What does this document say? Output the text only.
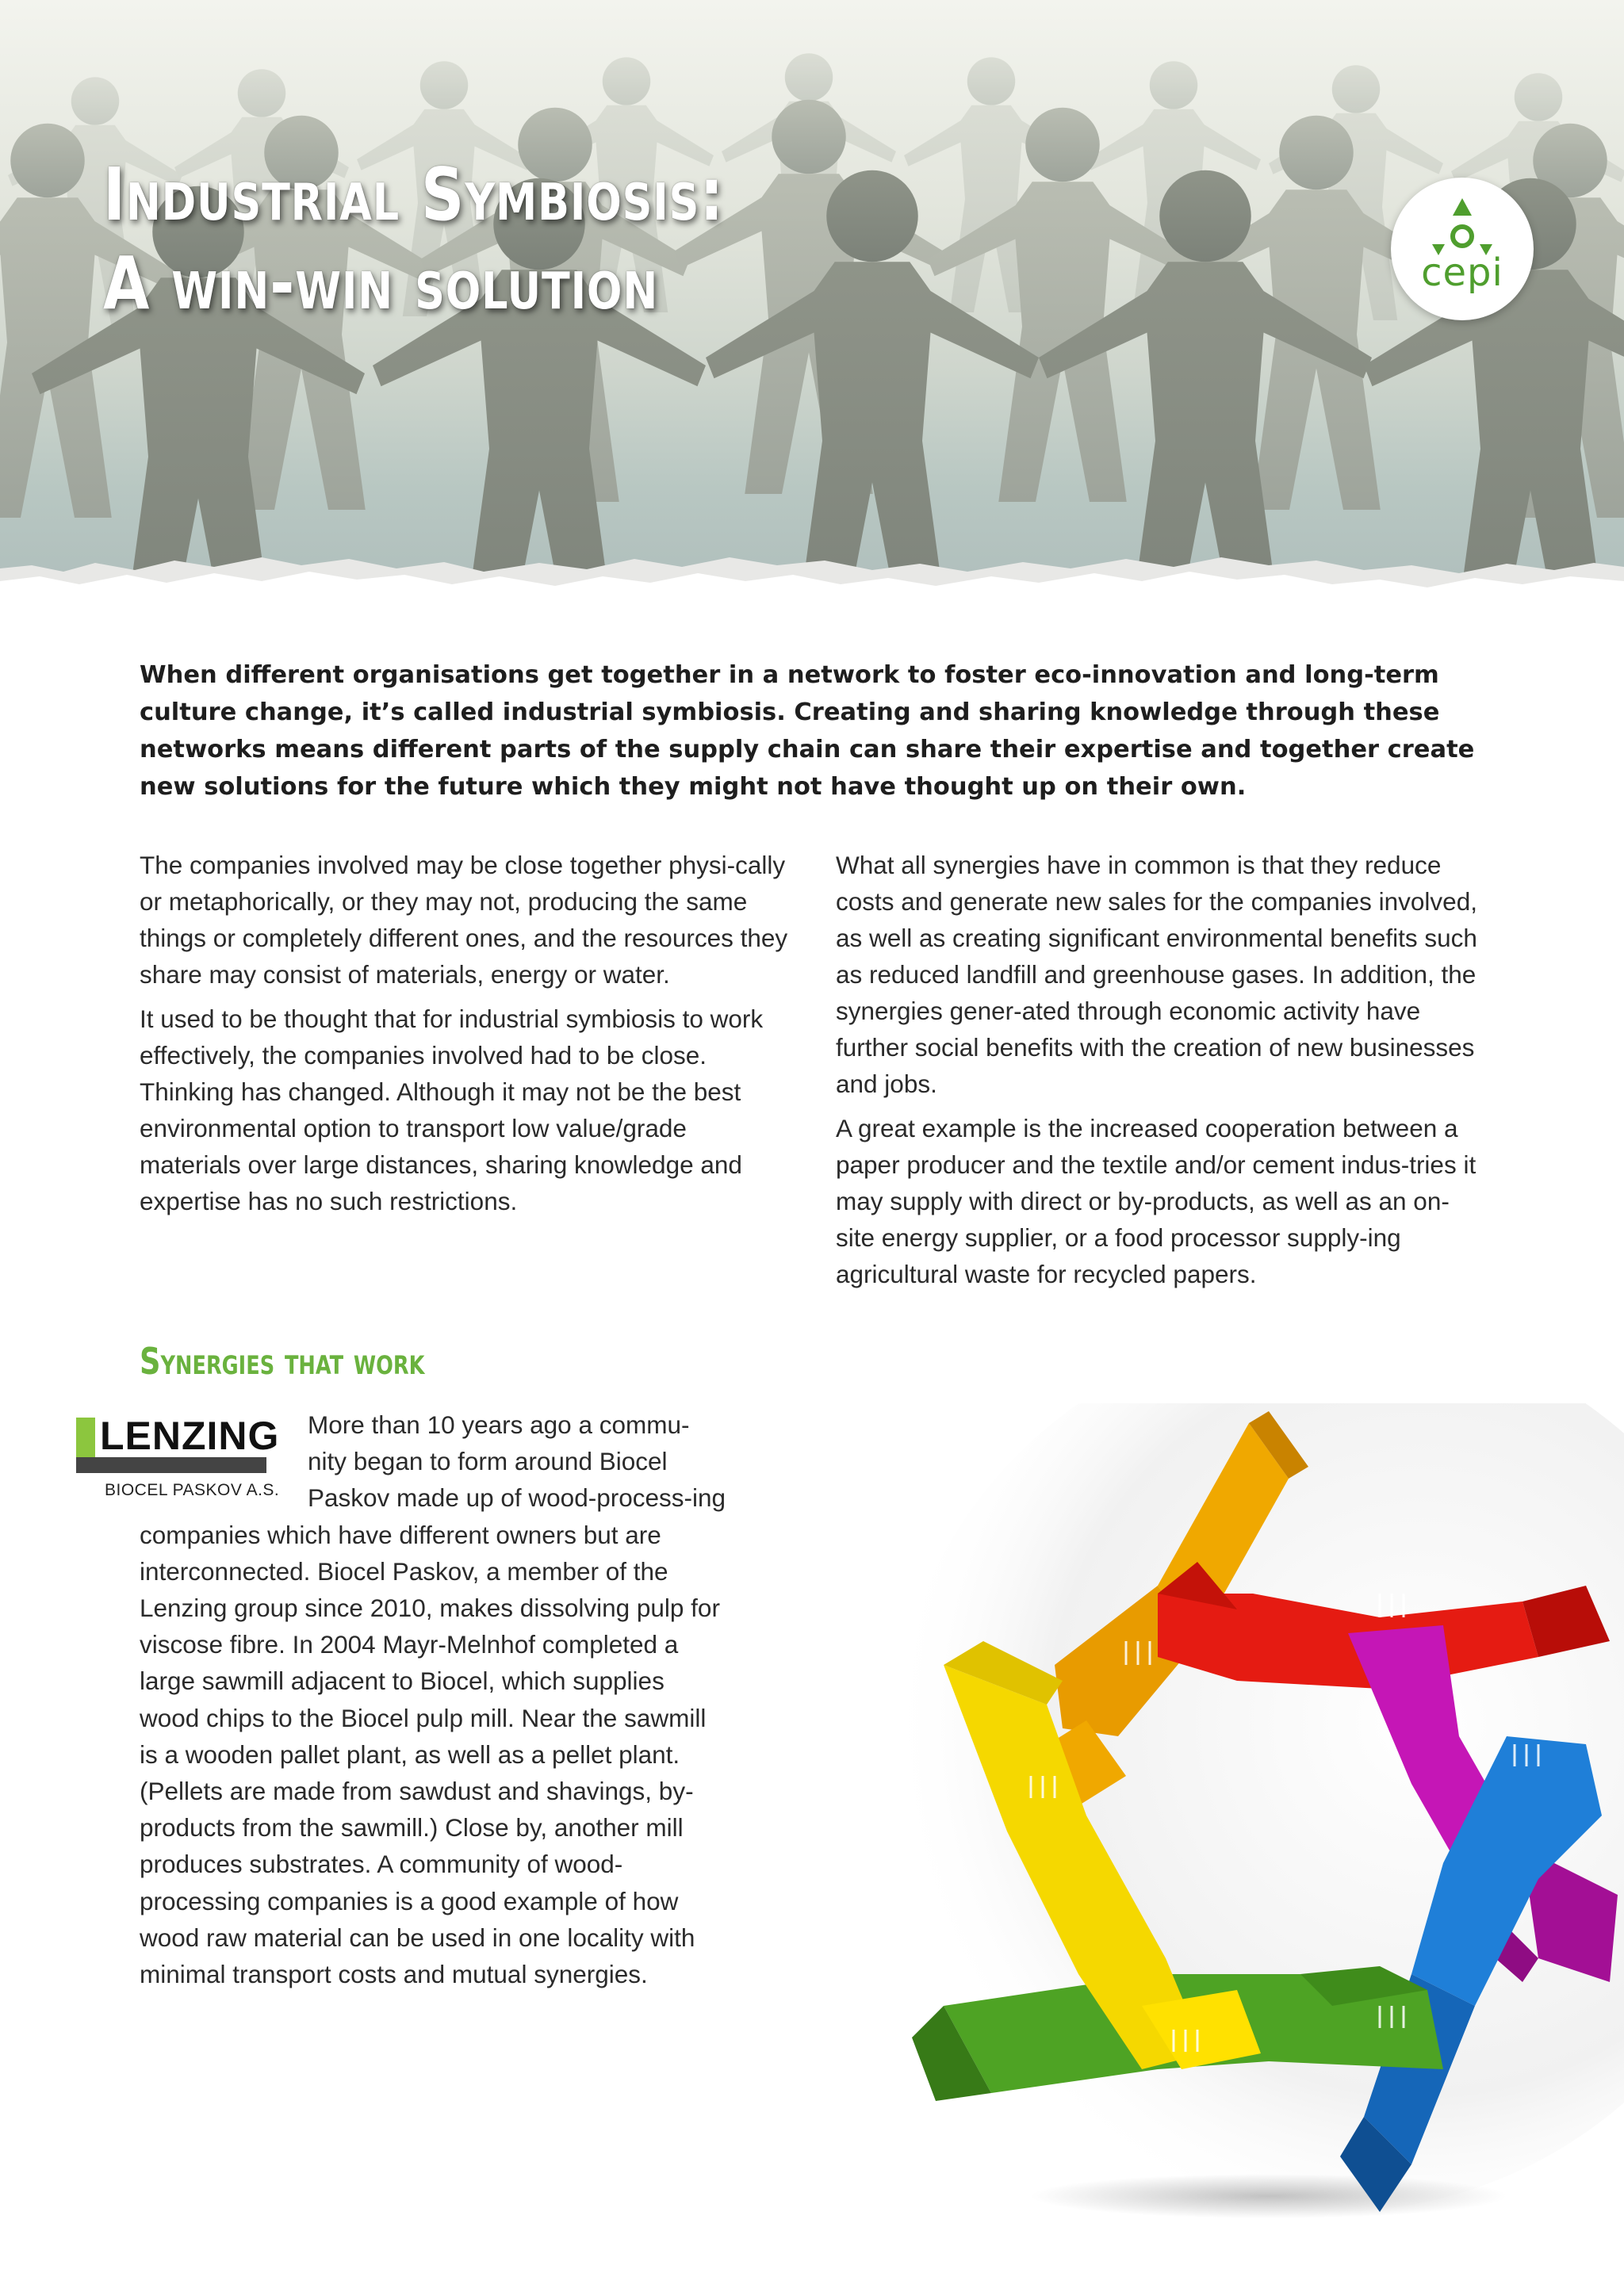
Industrial Symbiosis:
A win-win solution	cepi

When different organisations get together in a network to foster eco-innovation and long-term culture change, it’s called industrial symbiosis. Creating and sharing knowledge through these networks means different parts of the supply chain can share their expertise and together create new solutions for the future which they might not have thought up on their own.

The companies involved may be close together physi-cally or metaphorically, or they may not, producing the same things or completely different ones, and the resources they share may consist of materials, energy or water.

It used to be thought that for industrial symbiosis to work effectively, the companies involved had to be close. Thinking has changed. Although it may not be the best environmental option to transport low value/grade materials over large distances, sharing knowledge and expertise has no such restrictions.

What all synergies have in common is that they reduce costs and generate new sales for the companies involved, as well as creating significant environmental benefits such as reduced landfill and greenhouse gases. In addition, the synergies gener-ated through economic activity have further social benefits with the creation of new businesses and jobs.

A great example is the increased cooperation between a paper producer and the textile and/or cement indus-tries it may supply with direct or by-products, as well as an on-site energy supplier, or a food processor supply-ing agricultural waste for recycled papers.

Synergies that work
LENZING
BIOCEL PASKOV A.S.

More than 10 years ago a commu-nity began to form around Biocel Paskov made up of wood-process-ing companies which have different owners but are interconnected. Biocel Paskov, a member of the Lenzing group since 2010, makes dissolving pulp for viscose fibre. In 2004 Mayr-Melnhof completed a large sawmill adjacent to Biocel, which supplies wood chips to the Biocel pulp mill. Near the sawmill is a wooden pallet plant, as well as a pellet plant. (Pellets are made from sawdust and shavings, by-products from the sawmill.) Close by, another mill produces substrates. A community of wood-processing companies is a good example of how wood raw material can be used in one locality with minimal transport costs and mutual synergies.
